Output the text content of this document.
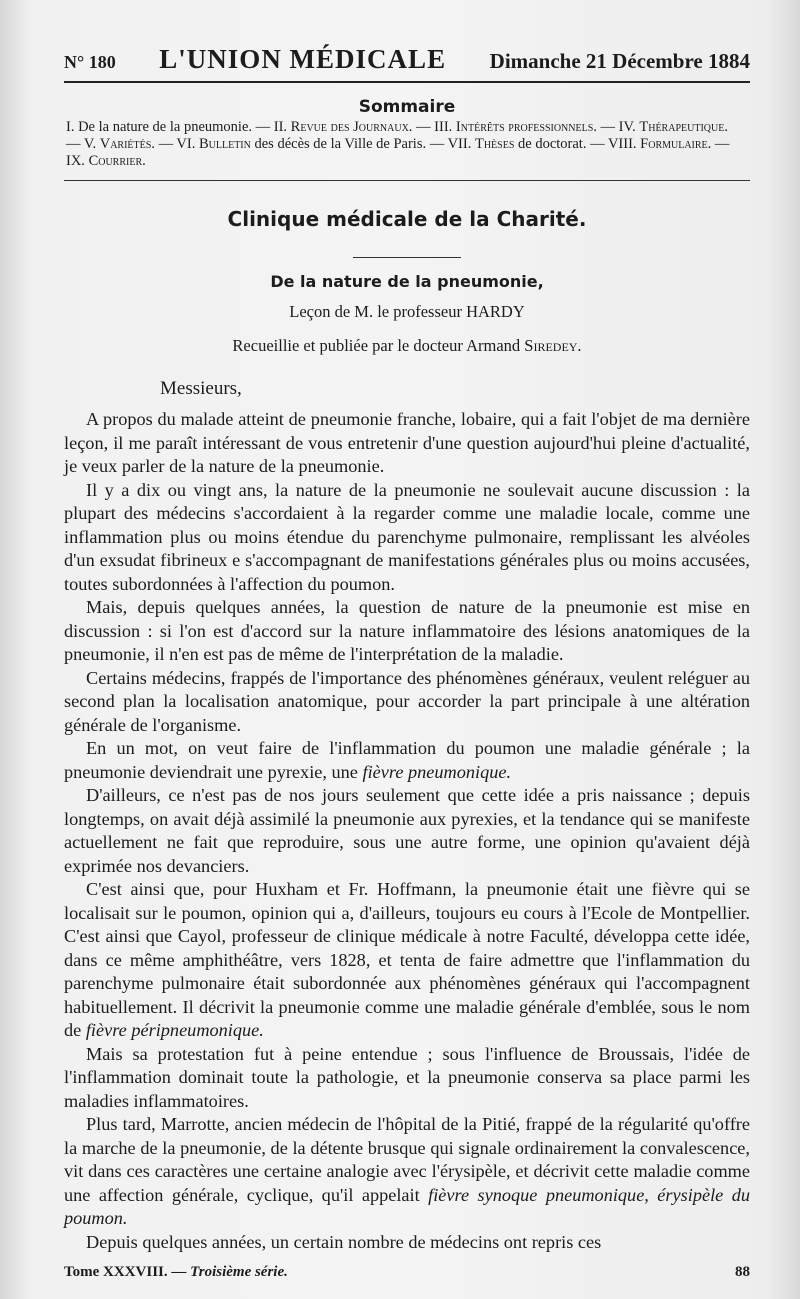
N° 180 L'UNION MÉDICALE Dimanche 21 Décembre 1884
Sommaire
I. De la nature de la pneumonie. — II. Revue des Journaux. — III. Intérêts professionnels. — IV. Thérapeutique. — V. Variétés. — VI. Bulletin des décès de la Ville de Paris. — VII. Thèses de doctorat. — VIII. Formulaire. — IX. Courrier.
Clinique médicale de la Charité.
De la nature de la pneumonie,
Leçon de M. le professeur HARDY
Recueillie et publiée par le docteur Armand Siredey.
Messieurs,

A propos du malade atteint de pneumonie franche, lobaire, qui a fait l'objet de ma dernière leçon, il me paraît intéressant de vous entretenir d'une question aujourd'hui pleine d'actualité, je veux parler de la nature de la pneumonie.

Il y a dix ou vingt ans, la nature de la pneumonie ne soulevait aucune discussion : la plupart des médecins s'accordaient à la regarder comme une maladie locale, comme une inflammation plus ou moins étendue du parenchyme pulmonaire, remplissant les alvéoles d'un exsudat fibrineux e s'accompagnant de manifestations générales plus ou moins accusées, toutes subordonnées à l'affection du poumon.

Mais, depuis quelques années, la question de nature de la pneumonie est mise en discussion : si l'on est d'accord sur la nature inflammatoire des lésions anatomiques de la pneumonie, il n'en est pas de même de l'interprétation de la maladie.

Certains médecins, frappés de l'importance des phénomènes généraux, veulent reléguer au second plan la localisation anatomique, pour accorder la part principale à une altération générale de l'organisme.

En un mot, on veut faire de l'inflammation du poumon une maladie générale ; la pneumonie deviendrait une pyrexie, une fièvre pneumonique.

D'ailleurs, ce n'est pas de nos jours seulement que cette idée a pris naissance ; depuis longtemps, on avait déjà assimilé la pneumonie aux pyrexies, et la tendance qui se manifeste actuellement ne fait que reproduire, sous une autre forme, une opinion qu'avaient déjà exprimée nos devanciers.

C'est ainsi que, pour Huxham et Fr. Hoffmann, la pneumonie était une fièvre qui se localisait sur le poumon, opinion qui a, d'ailleurs, toujours eu cours à l'Ecole de Montpellier. C'est ainsi que Cayol, professeur de clinique médicale à notre Faculté, développa cette idée, dans ce même amphithéâtre, vers 1828, et tenta de faire admettre que l'inflammation du parenchyme pulmonaire était subordonnée aux phénomènes généraux qui l'accompagnent habituellement. Il décrivit la pneumonie comme une maladie générale d'emblée, sous le nom de fièvre péripneumonique.

Mais sa protestation fut à peine entendue ; sous l'influence de Broussais, l'idée de l'inflammation dominait toute la pathologie, et la pneumonie conserva sa place parmi les maladies inflammatoires.

Plus tard, Marrotte, ancien médecin de l'hôpital de la Pitié, frappé de la régularité qu'offre la marche de la pneumonie, de la détente brusque qui signale ordinairement la convalescence, vit dans ces caractères une certaine analogie avec l'érysipèle, et décrivit cette maladie comme une affection générale, cyclique, qu'il appelait fièvre synoque pneumonique, érysipèle du poumon.

Depuis quelques années, un certain nombre de médecins ont repris ces

Tome XXXVIII. — Troisième série.	88
